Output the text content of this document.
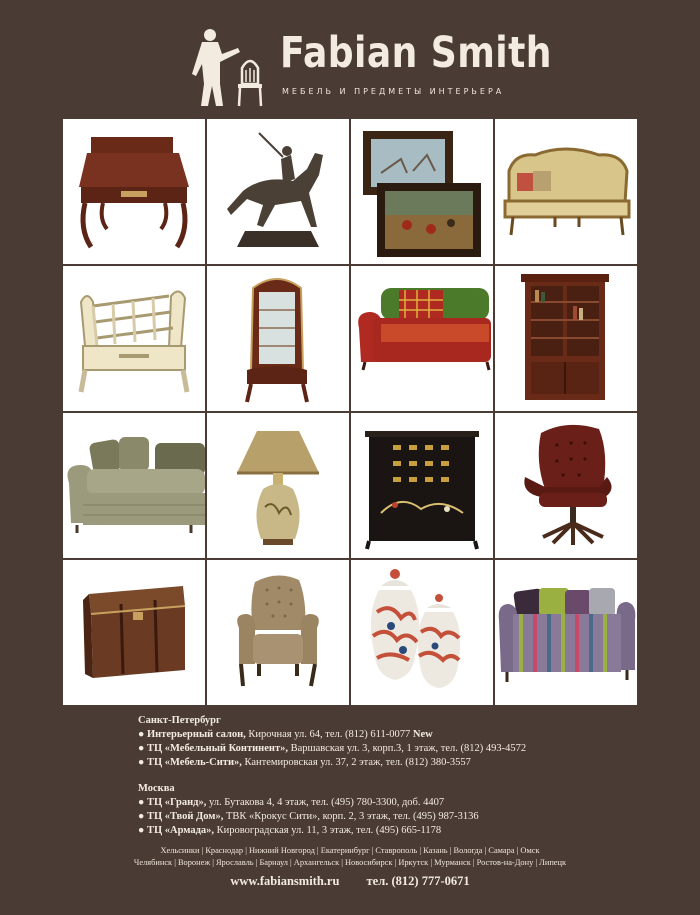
Fabian Smith
МЕБЕЛЬ И ПРЕДМЕТЫ ИНТЕРЬЕРА
Санкт-Петербург
● Интерьерный салон, Кирочная ул. 64, тел. (812) 611-0077 New
● ТЦ «Мебельный Континент», Варшавская ул. 3, корп.3, 1 этаж, тел. (812) 493-4572
● ТЦ «Мебель-Сити», Кантемировская ул. 37, 2 этаж, тел. (812) 380-3557
Москва
● ТЦ «Гранд», ул. Бутакова 4, 4 этаж, тел. (495) 780-3300, доб. 4407
● ТЦ «Твой Дом», ТВК «Крокус Сити», корп. 2, 3 этаж, тел. (495) 987-3136
● ТЦ «Армада», Кировоградская ул. 11, 3 этаж, тел. (495) 665-1178
Хельсинки | Краснодар | Нижний Новгород | Екатеринбург | Ставрополь | Казань | Вологда | Самара | Омск
Челябинск | Воронеж | Ярославль | Барнаул | Архангельск | Новосибирск | Иркутск | Мурманск | Ростов-на-Дону | Липецк
www.fabiansmith.ru тел. (812) 777-0671
